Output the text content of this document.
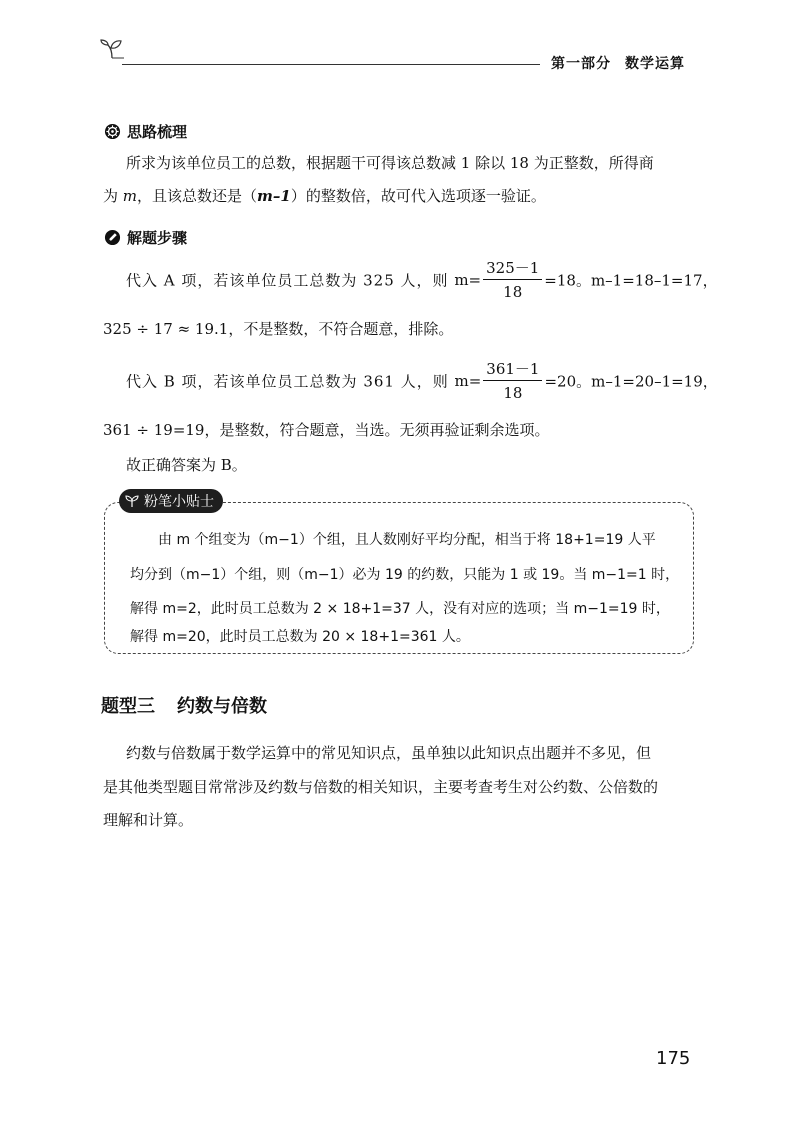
第一部分 数学运算
思路梳理
所求为该单位员工的总数，根据题干可得该总数减 1 除以 18 为正整数，所得商
为 m，且该总数还是（m–1）的整数倍，故可代入选项逐一验证。
解题步骤
代入 A 项，若该单位员工总数为 325 人，则 $m= \frac{325-1}{18} =18$。m–1=18–1=17，
325 ÷ 17 ≈ 19.1，不是整数，不符合题意，排除。
代入 B 项，若该单位员工总数为 361 人，则 $m= \frac{361-1}{18} =20$。m–1=20–1=19，
361 ÷ 19=19，是整数，符合题意，当选。无须再验证剩余选项。
故正确答案为 B。
粉笔小贴士
由 m 个组变为（m−1）个组，且人数刚好平均分配，相当于将 18+1=19 人平
均分到（m−1）个组，则（m−1）必为 19 的约数，只能为 1 或 19。当 m−1=1 时，
解得 m=2，此时员工总数为 2 × 18+1=37 人，没有对应的选项；当 m−1=19 时，
解得 m=20，此时员工总数为 20 × 18+1=361 人。
题型三 约数与倍数
约数与倍数属于数学运算中的常见知识点，虽单独以此知识点出题并不多见，但
是其他类型题目常常涉及约数与倍数的相关知识，主要考查考生对公约数、公倍数的
理解和计算。
175
